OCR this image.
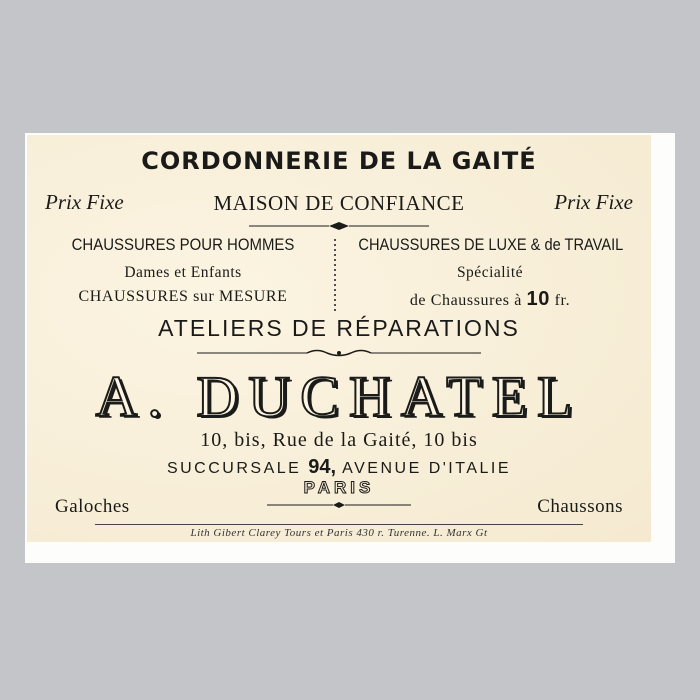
CORDONNERIE DE LA GAITÉ
Prix Fixe	MAISON DE CONFIANCE	Prix Fixe
CHAUSSURES POUR HOMMES
Dames et Enfants
CHAUSSURES sur MESURE
CHAUSSURES DE LUXE & de TRAVAIL
Spécialité
de Chaussures à 10 fr.
ATELIERS DE RÉPARATIONS
A. DUCHATEL
10, bis, Rue de la Gaité, 10 bis
SUCCURSALE 94, AVENUE D'ITALIE
PARIS
Galoches	Chaussons
Lith Gibert Clarey Tours et Paris 430 r. Turenne. L. Marx Gt
